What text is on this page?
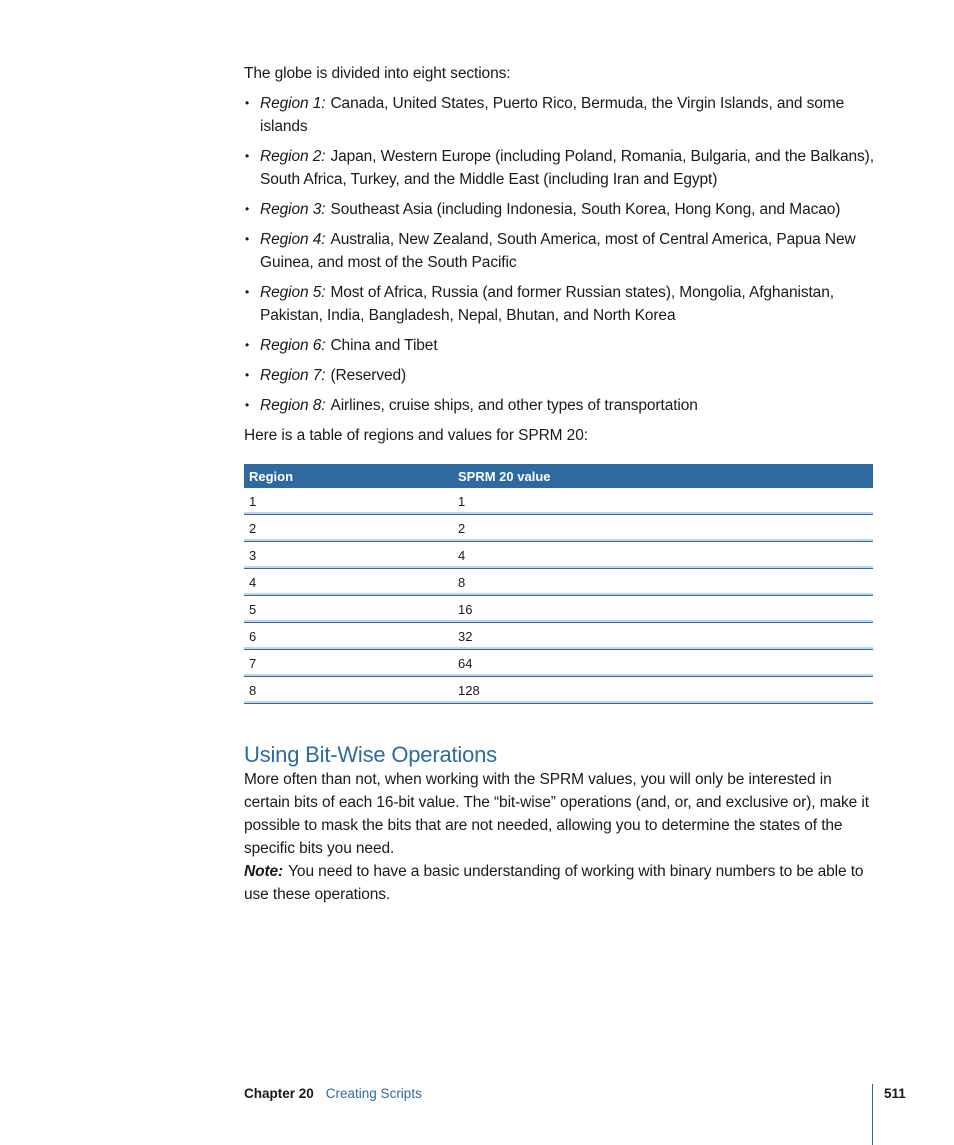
The globe is divided into eight sections:

• Region 1: Canada, United States, Puerto Rico, Bermuda, the Virgin Islands, and some islands
• Region 2: Japan, Western Europe (including Poland, Romania, Bulgaria, and the Balkans), South Africa, Turkey, and the Middle East (including Iran and Egypt)
• Region 3: Southeast Asia (including Indonesia, South Korea, Hong Kong, and Macao)
• Region 4: Australia, New Zealand, South America, most of Central America, Papua New Guinea, and most of the South Pacific
• Region 5: Most of Africa, Russia (and former Russian states), Mongolia, Afghanistan, Pakistan, India, Bangladesh, Nepal, Bhutan, and North Korea
• Region 6: China and Tibet
• Region 7: (Reserved)
• Region 8: Airlines, cruise ships, and other types of transportation

Here is a table of regions and values for SPRM 20:

Region	SPRM 20 value
1	1
2	2
3	4
4	8
5	16
6	32
7	64
8	128
Using Bit-Wise Operations

More often than not, when working with the SPRM values, you will only be interested in certain bits of each 16-bit value. The “bit-wise” operations (and, or, and exclusive or), make it possible to mask the bits that are not needed, allowing you to determine the states of the specific bits you need.

Note: You need to have a basic understanding of working with binary numbers to be able to use these operations.

Chapter 20 Creating Scripts	511
